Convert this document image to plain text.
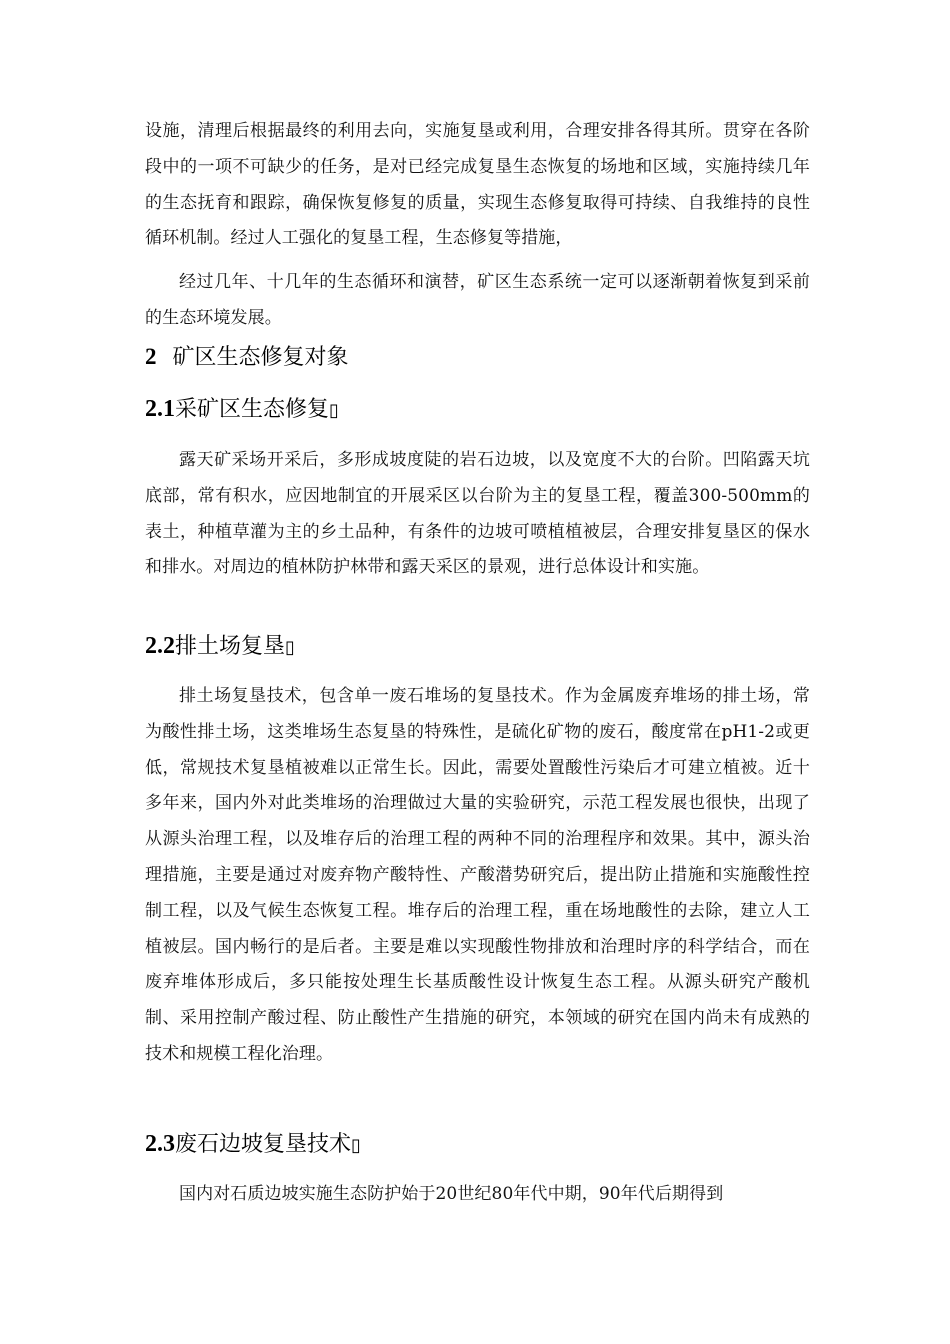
设施，清理后根据最终的利用去向，实施复垦或利用，合理安排各得其所。贯穿在各阶段中的一项不可缺少的任务，是对已经完成复垦生态恢复的场地和区域，实施持续几年的生态抚育和跟踪，确保恢复修复的质量，实现生态修复取得可持续、自我维持的良性循环机制。经过人工强化的复垦工程，生态修复等措施，

经过几年、十几年的生态循环和演替，矿区生态系统一定可以逐渐朝着恢复到采前的生态环境发展。

2 矿区生态修复对象
2.1采矿区生态修复▯

露天矿采场开采后，多形成坡度陡的岩石边坡，以及宽度不大的台阶。凹陷露天坑底部，常有积水，应因地制宜的开展采区以台阶为主的复垦工程，覆盖300-500mm的表土，种植草灌为主的乡土品种，有条件的边坡可喷植植被层，合理安排复垦区的保水和排水。对周边的植林防护林带和露天采区的景观，进行总体设计和实施。

2.2排土场复垦▯

排土场复垦技术，包含单一废石堆场的复垦技术。作为金属废弃堆场的排土场，常为酸性排土场，这类堆场生态复垦的特殊性，是硫化矿物的废石，酸度常在pH1-2或更低，常规技术复垦植被难以正常生长。因此，需要处置酸性污染后才可建立植被。近十多年来，国内外对此类堆场的治理做过大量的实验研究，示范工程发展也很快，出现了从源头治理工程，以及堆存后的治理工程的两种不同的治理程序和效果。其中，源头治理措施，主要是通过对废弃物产酸特性、产酸潜势研究后，提出防止措施和实施酸性控制工程，以及气候生态恢复工程。堆存后的治理工程，重在场地酸性的去除，建立人工植被层。国内畅行的是后者。主要是难以实现酸性物排放和治理时序的科学结合，而在废弃堆体形成后，多只能按处理生长基质酸性设计恢复生态工程。从源头研究产酸机制、采用控制产酸过程、防止酸性产生措施的研究，本领域的研究在国内尚未有成熟的技术和规模工程化治理。

2.3废石边坡复垦技术▯

国内对石质边坡实施生态防护始于20世纪80年代中期，90年代后期得到
